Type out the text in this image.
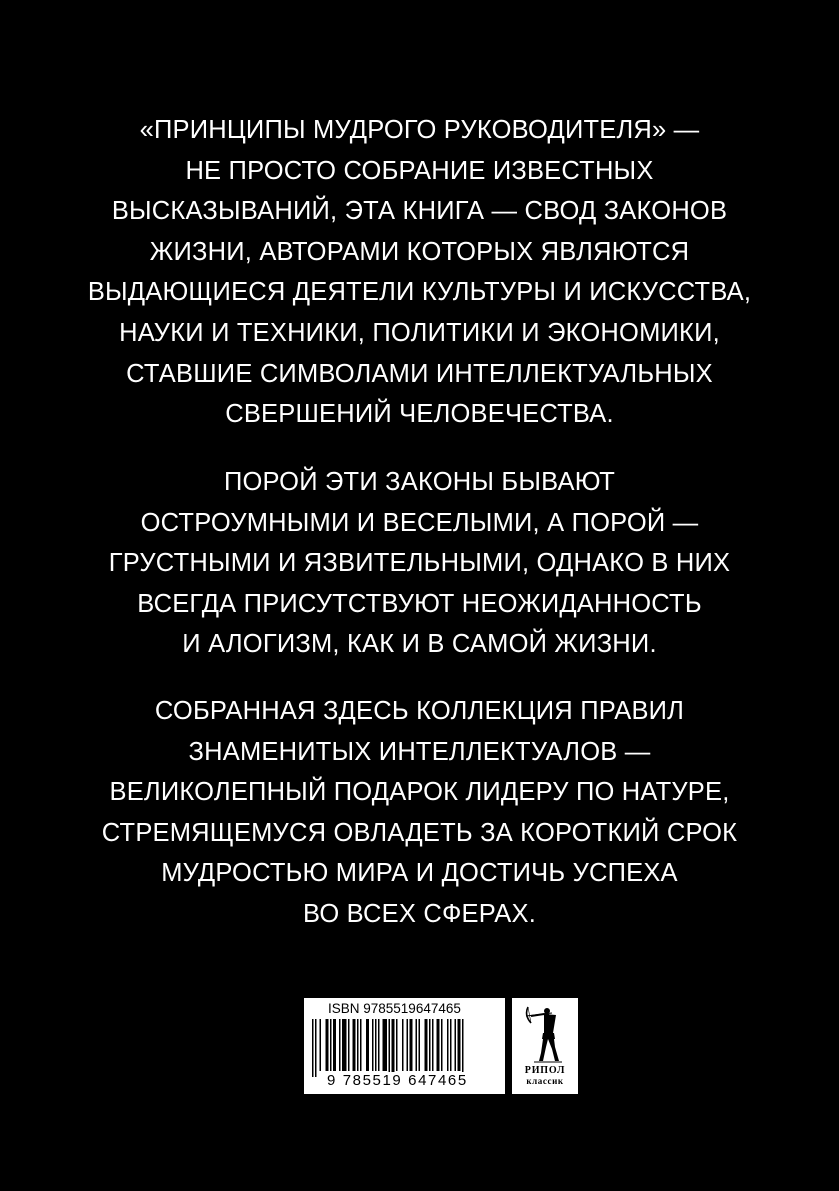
«ПРИНЦИПЫ МУДРОГО РУКОВОДИТЕЛЯ» —
НЕ ПРОСТО СОБРАНИЕ ИЗВЕСТНЫХ
ВЫСКАЗЫВАНИЙ, ЭТА КНИГА — СВОД ЗАКОНОВ
ЖИЗНИ, АВТОРАМИ КОТОРЫХ ЯВЛЯЮТСЯ
ВЫДАЮЩИЕСЯ ДЕЯТЕЛИ КУЛЬТУРЫ И ИСКУССТВА,
НАУКИ И ТЕХНИКИ, ПОЛИТИКИ И ЭКОНОМИКИ,
СТАВШИЕ СИМВОЛАМИ ИНТЕЛЛЕКТУАЛЬНЫХ
СВЕРШЕНИЙ ЧЕЛОВЕЧЕСТВА.
ПОРОЙ ЭТИ ЗАКОНЫ БЫВАЮТ
ОСТРОУМНЫМИ И ВЕСЕЛЫМИ, А ПОРОЙ —
ГРУСТНЫМИ И ЯЗВИТЕЛЬНЫМИ, ОДНАКО В НИХ
ВСЕГДА ПРИСУТСТВУЮТ НЕОЖИДАННОСТЬ
И АЛОГИЗМ, КАК И В САМОЙ ЖИЗНИ.
СОБРАННАЯ ЗДЕСЬ КОЛЛЕКЦИЯ ПРАВИЛ
ЗНАМЕНИТЫХ ИНТЕЛЛЕКТУАЛОВ —
ВЕЛИКОЛЕПНЫЙ ПОДАРОК ЛИДЕРУ ПО НАТУРЕ,
СТРЕМЯЩЕМУСЯ ОВЛАДЕТЬ ЗА КОРОТКИЙ СРОК
МУДРОСТЬЮ МИРА И ДОСТИЧЬ УСПЕХА
ВО ВСЕХ СФЕРАХ.
ISBN 9785519647465
9 785519 647465
РИПОЛ
классик
